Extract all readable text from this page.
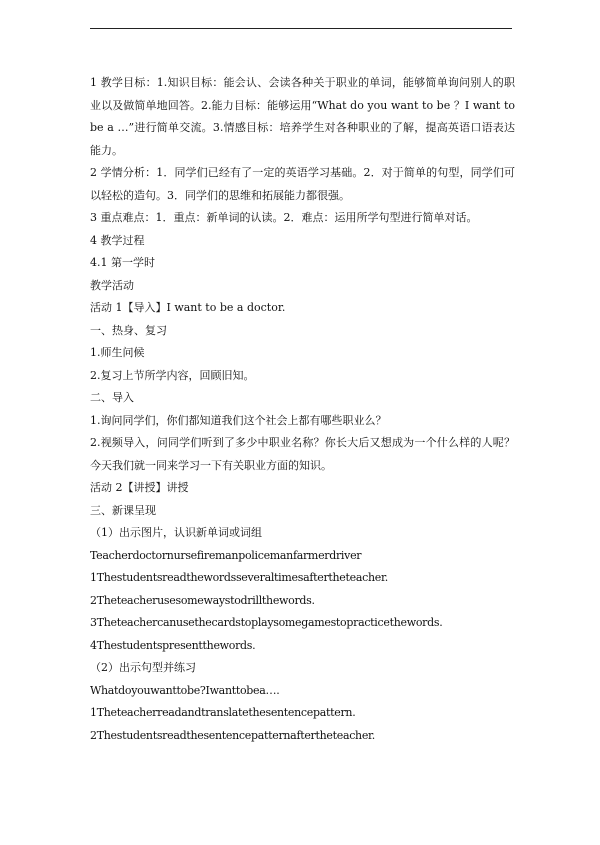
1 教学目标：1.知识目标：能会认、会读各种关于职业的单词，能够简单询问别人的职业以及做简单地回答。2.能力目标：能够运用“What do you want to be ？I want to be a …”进行简单交流。3.情感目标：培养学生对各种职业的了解，提高英语口语表达能力。

2 学情分析：1．同学们已经有了一定的英语学习基础。2．对于简单的句型，同学们可以轻松的造句。3．同学们的思维和拓展能力都很强。

3 重点难点：1．重点：新单词的认读。2．难点：运用所学句型进行简单对话。

4 教学过程

4.1 第一学时

教学活动

活动 1【导入】I want to be a doctor.

一、热身、复习

1.师生问候

2.复习上节所学内容，回顾旧知。

二、导入

1.询问同学们，你们都知道我们这个社会上都有哪些职业么？

2.视频导入，问同学们听到了多少中职业名称？你长大后又想成为一个什么样的人呢？今天我们就一同来学习一下有关职业方面的知识。

活动 2【讲授】讲授

三、新课呈现

（1）出示图片，认识新单词或词组

Teacherdoctornursefiremanpolicemanfarmerdriver

1Thestudentsreadthewordsseveraltimesaftertheteacher.

2Theteacherusesomewaystodrillthewords.

3Theteachercanusethecardstoplaysomegamestopracticethewords.

4Thestudentspresentthewords.

（2）出示句型并练习

Whatdoyouwanttobe?Iwanttobea….

1Theteacherreadandtranslatethesentencepattern.

2Thestudentsreadthesentencepatternaftertheteacher.
